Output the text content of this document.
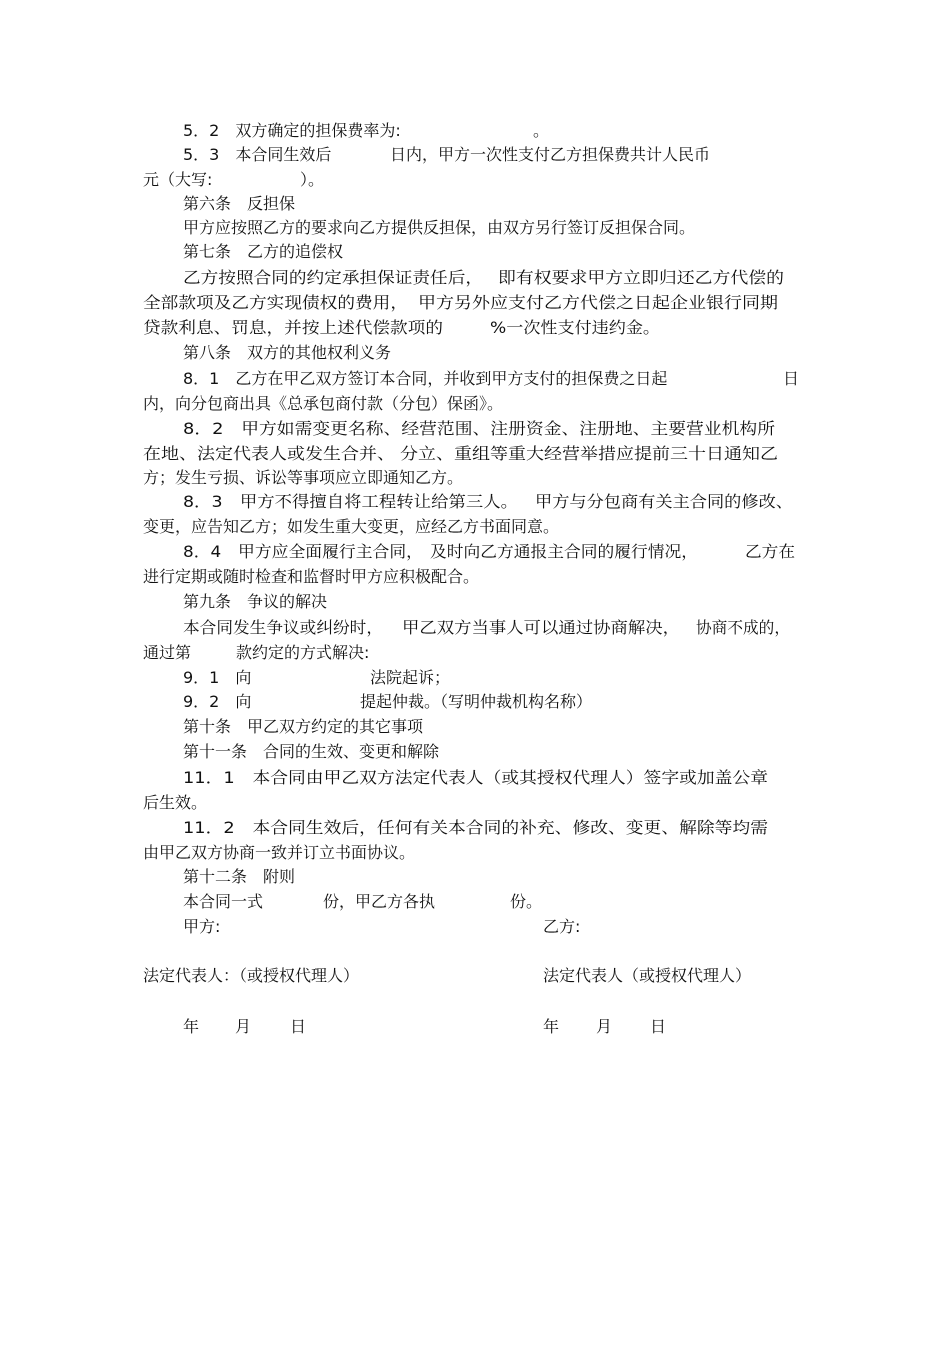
5．2　双方确定的担保费率为:	。
5．3　本合同生效后	日内，甲方一次性支付乙方担保费共计人民币
元（大写:	）。
第六条　反担保
甲方应按照乙方的要求向乙方提供反担保，由双方另行签订反担保合同。
第七条　乙方的追偿权
乙方按照合同的约定承担保证责任后， 即有权要求甲方立即归还乙方代偿的
全部款项及乙方实现债权的费用， 甲方另外应支付乙方代偿之日起企业银行同期
贷款利息、罚息，并按上述代偿款项的	%一次性支付违约金。
第八条　双方的其他权利义务
8．1　乙方在甲乙双方签订本合同，并收到甲方支付的担保费之日起	日
内，向分包商出具《总承包商付款（分包）保函》。
8．2　甲方如需变更名称、经营范围、注册资金、注册地、主要营业机构所
在地、法定代表人或发生合并、 分立、重组等重大经营举措应提前三十日通知乙
方；发生亏损、诉讼等事项应立即通知乙方。
8．3　甲方不得擅自将工程转让给第三人。 甲方与分包商有关主合同的修改、
变更，应告知乙方；如发生重大变更，应经乙方书面同意。
8．4　甲方应全面履行主合同， 及时向乙方通报主合同的履行情况，	乙方在
进行定期或随时检查和监督时甲方应积极配合。
第九条　争议的解决
本合同发生争议或纠纷时， 甲乙双方当事人可以通过协商解决， 协商不成的，
通过第	款约定的方式解决:
9．1　向	法院起诉；
9．2　向	提起仲裁。（写明仲裁机构名称）
第十条　甲乙双方约定的其它事项
第十一条　合同的生效、变更和解除
11．1　本合同由甲乙双方法定代表人（或其授权代理人）签字或加盖公章
后生效。
11．2　本合同生效后，任何有关本合同的补充、修改、变更、解除等均需
由甲乙双方协商一致并订立书面协议。
第十二条　附则
本合同一式	份，甲乙方各执	份。
甲方:	乙方:
法定代表人：（或授权代理人）	法定代表人（或授权代理人）
年 月 日	年 月 日
